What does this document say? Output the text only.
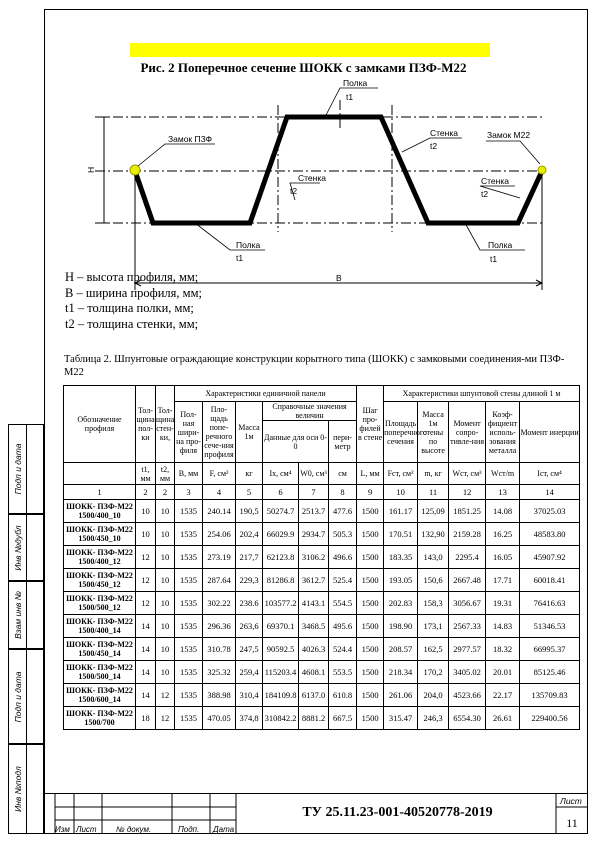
Рис. 2 Поперечное сечение ШОКК с замками ПЗФ-М22
Полка
t1
Стенка
t2
Стенка
t2
Стенка
t2
Полка
t1
Полка
t1
Замок ПЗФ	Замок М22
B
H
H – высота профиля, мм;
B – ширина профиля, мм;
t1 – толщина полки, мм;
t2 – толщина стенки, мм;
Таблица 2. Шпунтовые ограждающие конструкции корытного типа (ШОКК) с замковыми соединения-ми ПЗФ-М22
Обозначение профиля	Тол-щина пол-ки	Тол-щина стен-ки,	Характеристики единичной панели						Шаг про-филей в стене	Характеристики шпунтовой стены длиной 1 м				
			Пол-ная шири-на про-филя	Пло-щадь попе-речного сече-ния профиля	Масса 1м	Справочные значения величин				Площадь поперечного сечения	Масса 1м стены по высоте	Момент сопро-тивле-ния	Коэф-фициент исполь-зования металла	Момент инерции
						Данные для оси 0-0		пери-метр						

	t1, мм	t2, мм	B, мм	F, см²	кг	Ix, см⁴	W0, см³	см	L, мм	Fст, см²	m, кг	Wст, см³	Wст/m	Iст, см⁴
1	2	2	3	4	5	6	7	8	9	10	11	12	13	14
ШОКК- ПЗФ-М22 1500/400_10	10	10	1535	240.14	190,5	50274.7	2513.7	477.6	1500	161.17	125,09	1851.25	14.08	37025.03
ШОКК- ПЗФ-М22 1500/450_10	10	10	1535	254.06	202,4	66029.9	2934.7	505.3	1500	170.51	132,90	2159.28	16.25	48583.80
ШОКК- ПЗФ-М22 1500/400_12	12	10	1535	273.19	217,7	62123.8	3106.2	496.6	1500	183.35	143,0	2295.4	16.05	45907.92
ШОКК- ПЗФ-М22 1500/450_12	12	10	1535	287.64	229,3	81286.8	3612.7	525.4	1500	193.05	150,6	2667.48	17.71	60018.41
ШОКК- ПЗФ-М22 1500/500_12	12	10	1535	302.22	238.6	103577.2	4143.1	554.5	1500	202.83	158,3	3056.67	19.31	76416.63
ШОКК- ПЗФ-М22 1500/400_14	14	10	1535	296.36	263,6	69370.1	3468.5	495.6	1500	198.90	173,1	2567.33	14.83	51346.53
ШОКК- ПЗФ-М22 1500/450_14	14	10	1535	310.78	247,5	90592.5	4026.3	524.4	1500	208.57	162,5	2977.57	18.32	66995.37
ШОКК- ПЗФ-М22 1500/500_14	14	10	1535	325.32	259,4	115203.4	4608.1	553.5	1500	218.34	170,2	3405.02	20.01	85125.46
ШОКК- ПЗФ-М22 1500/600_14	14	12	1535	388.98	310,4	184109.8	6137.0	610.8	1500	261.06	204,0	4523.66	22.17	135709.83
ШОКК- ПЗФ-М22 1500/700	18	12	1535	470.05	374,8	310842.2	8881.2	667.5	1500	315.47	246,3	6554.30	26.61	229400.56
Подп и дата
Инв №дубл
Взам инв №
Подп и дата
Инв №подл
Изм Лист № докум.	Подп. Дата
ТУ 25.11.23-001-40520778-2019
Лист
11
